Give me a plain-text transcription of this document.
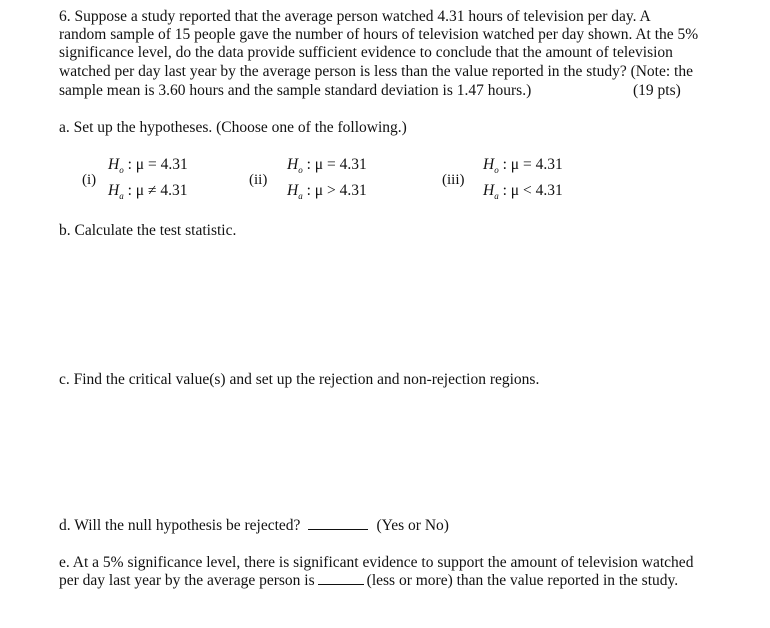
6. Suppose a study reported that the average person watched 4.31 hours of television per day. A
random sample of 15 people gave the number of hours of television watched per day shown. At the 5%
significance level, do the data provide sufficient evidence to conclude that the amount of television
watched per day last year by the average person is less than the value reported in the study? (Note: the
sample mean is 3.60 hours and the sample standard deviation is 1.47 hours.)	(19 pts)
a. Set up the hypotheses. (Choose one of the following.)
(i)
$H_o$ : μ = 4.31
$H_a$ : μ ≠ 4.31
(ii)
$H_o$ : μ = 4.31
$H_a$ : μ > 4.31
(iii)
$H_o$ : μ = 4.31
$H_a$ : μ < 4.31
b. Calculate the test statistic.
c. Find the critical value(s) and set up the rejection and non-rejection regions.
d. Will the null hypothesis be rejected?	(Yes or No)
e. At a 5% significance level, there is significant evidence to support the amount of television watched
per day last year by the average person is	(less or more) than the value reported in the study.
